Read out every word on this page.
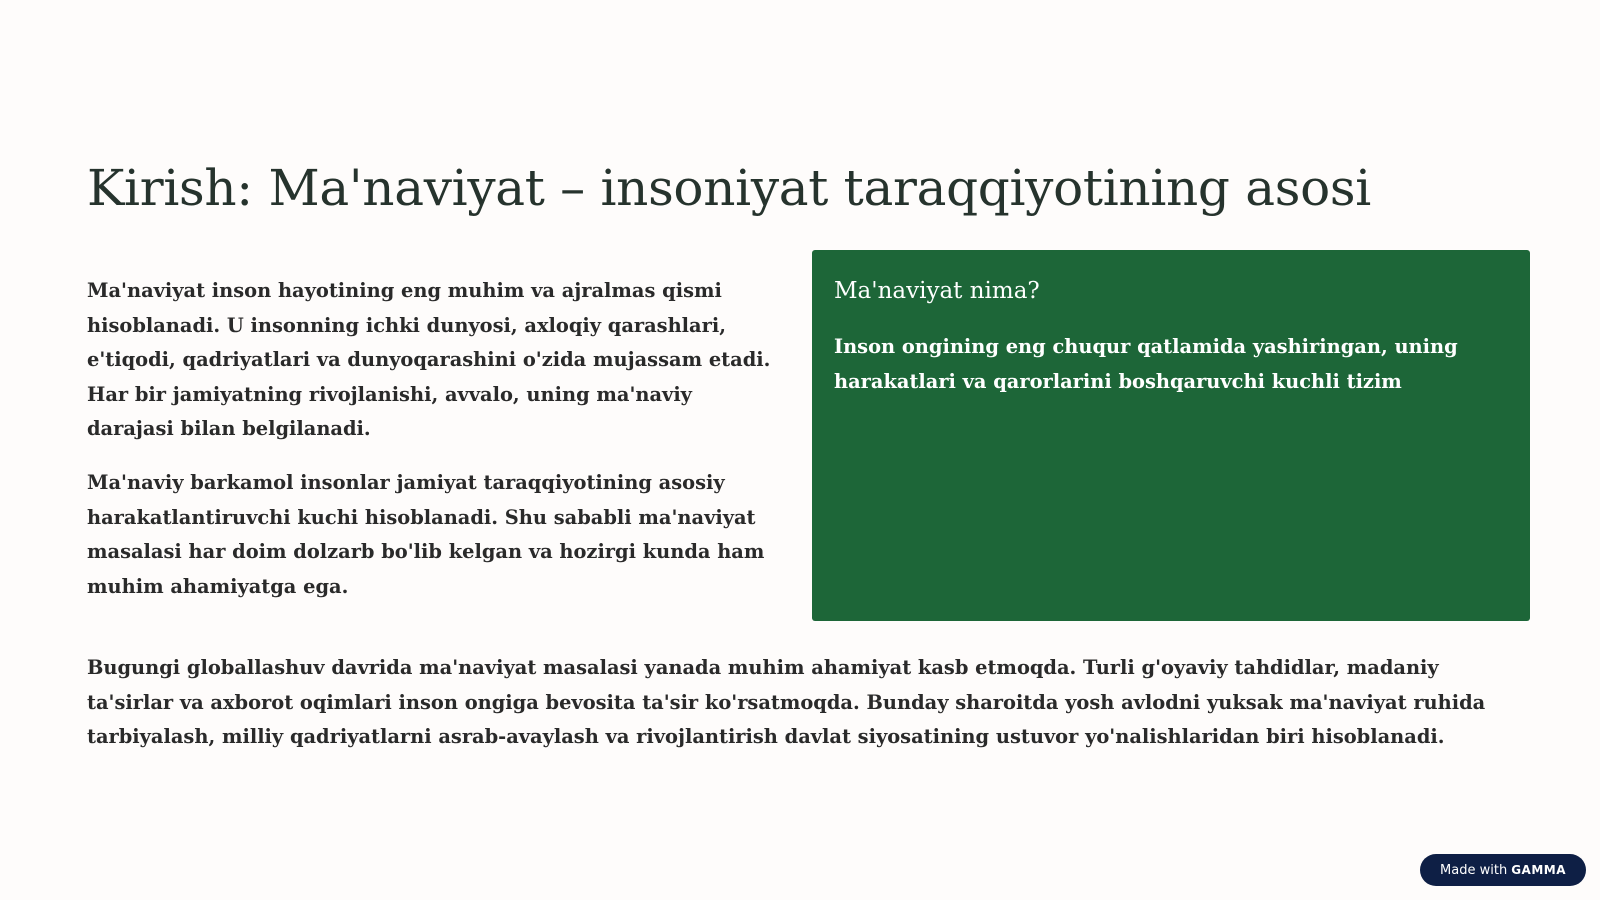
Kirish: Ma'naviyat – insoniyat taraqqiyotining asosi

Ma'naviyat inson hayotining eng muhim va ajralmas qismi hisoblanadi. U insonning ichki dunyosi, axloqiy qarashlari, e'tiqodi, qadriyatlari va dunyoqarashini o'zida mujassam etadi. Har bir jamiyatning rivojlanishi, avvalo, uning ma'naviy darajasi bilan belgilanadi.

Ma'naviy barkamol insonlar jamiyat taraqqiyotining asosiy harakatlantiruvchi kuchi hisoblanadi. Shu sababli ma'naviyat masalasi har doim dolzarb bo'lib kelgan va hozirgi kunda ham muhim ahamiyatga ega.

Ma'naviyat nima?

Inson ongining eng chuqur qatlamida yashiringan, uning harakatlari va qarorlarini boshqaruvchi kuchli tizim

Bugungi globallashuv davrida ma'naviyat masalasi yanada muhim ahamiyat kasb etmoqda. Turli g'oyaviy tahdidlar, madaniy ta'sirlar va axborot oqimlari inson ongiga bevosita ta'sir ko'rsatmoqda. Bunday sharoitda yosh avlodni yuksak ma'naviyat ruhida tarbiyalash, milliy qadriyatlarni asrab-avaylash va rivojlantirish davlat siyosatining ustuvor yo'nalishlaridan biri hisoblanadi.

Made with GAMMA
